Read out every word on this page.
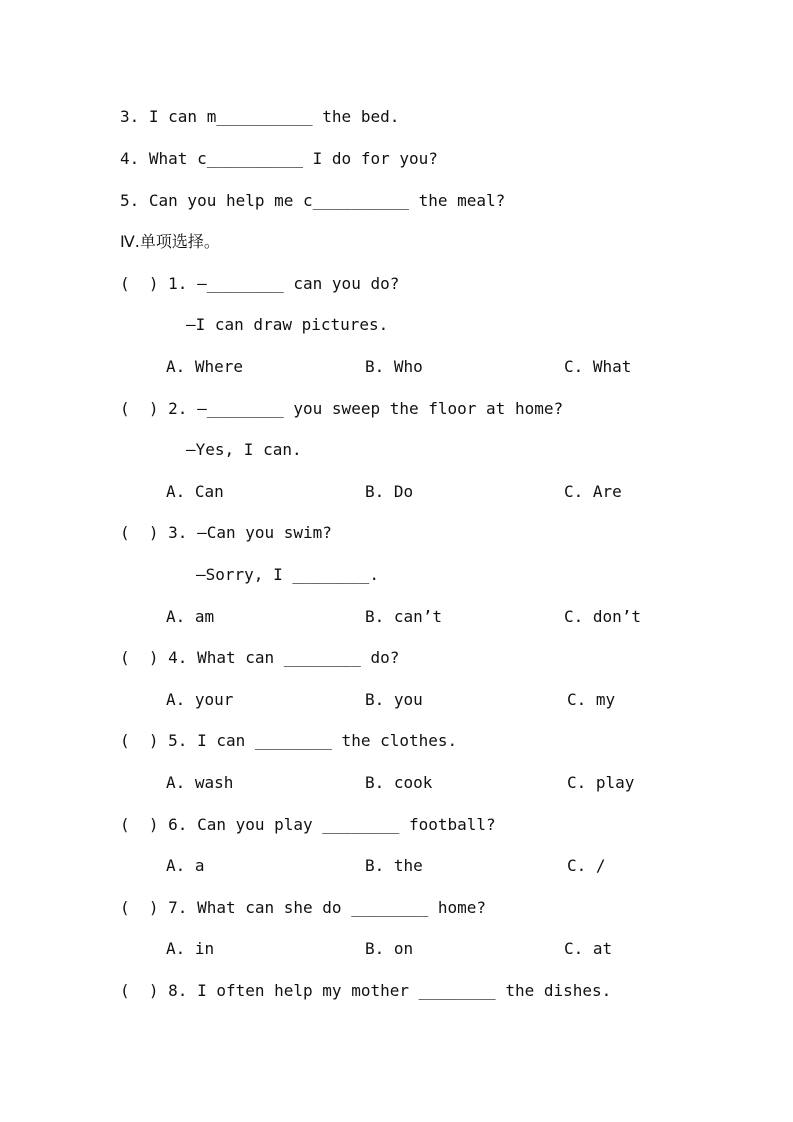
3. I can m__________ the bed.
4. What c__________ I do for you?
5. Can you help me c__________ the meal?
Ⅳ.单项选择。
(  ) 1. —________ can you do?
—I can draw pictures.
A. Where	B. Who	C. What
(  ) 2. —________ you sweep the floor at home?
—Yes, I can.
A. Can	B. Do	C. Are
(  ) 3. —Can you swim?
—Sorry, I ________.
A. am	B. can’t	C. don’t
(  ) 4. What can ________ do?
A. your	B. you	C. my
(  ) 5. I can ________ the clothes.
A. wash	B. cook	C. play
(  ) 6. Can you play ________ football?
A. a	B. the	C. /
(  ) 7. What can she do ________ home?
A. in	B. on	C. at
(  ) 8. I often help my mother ________ the dishes.
